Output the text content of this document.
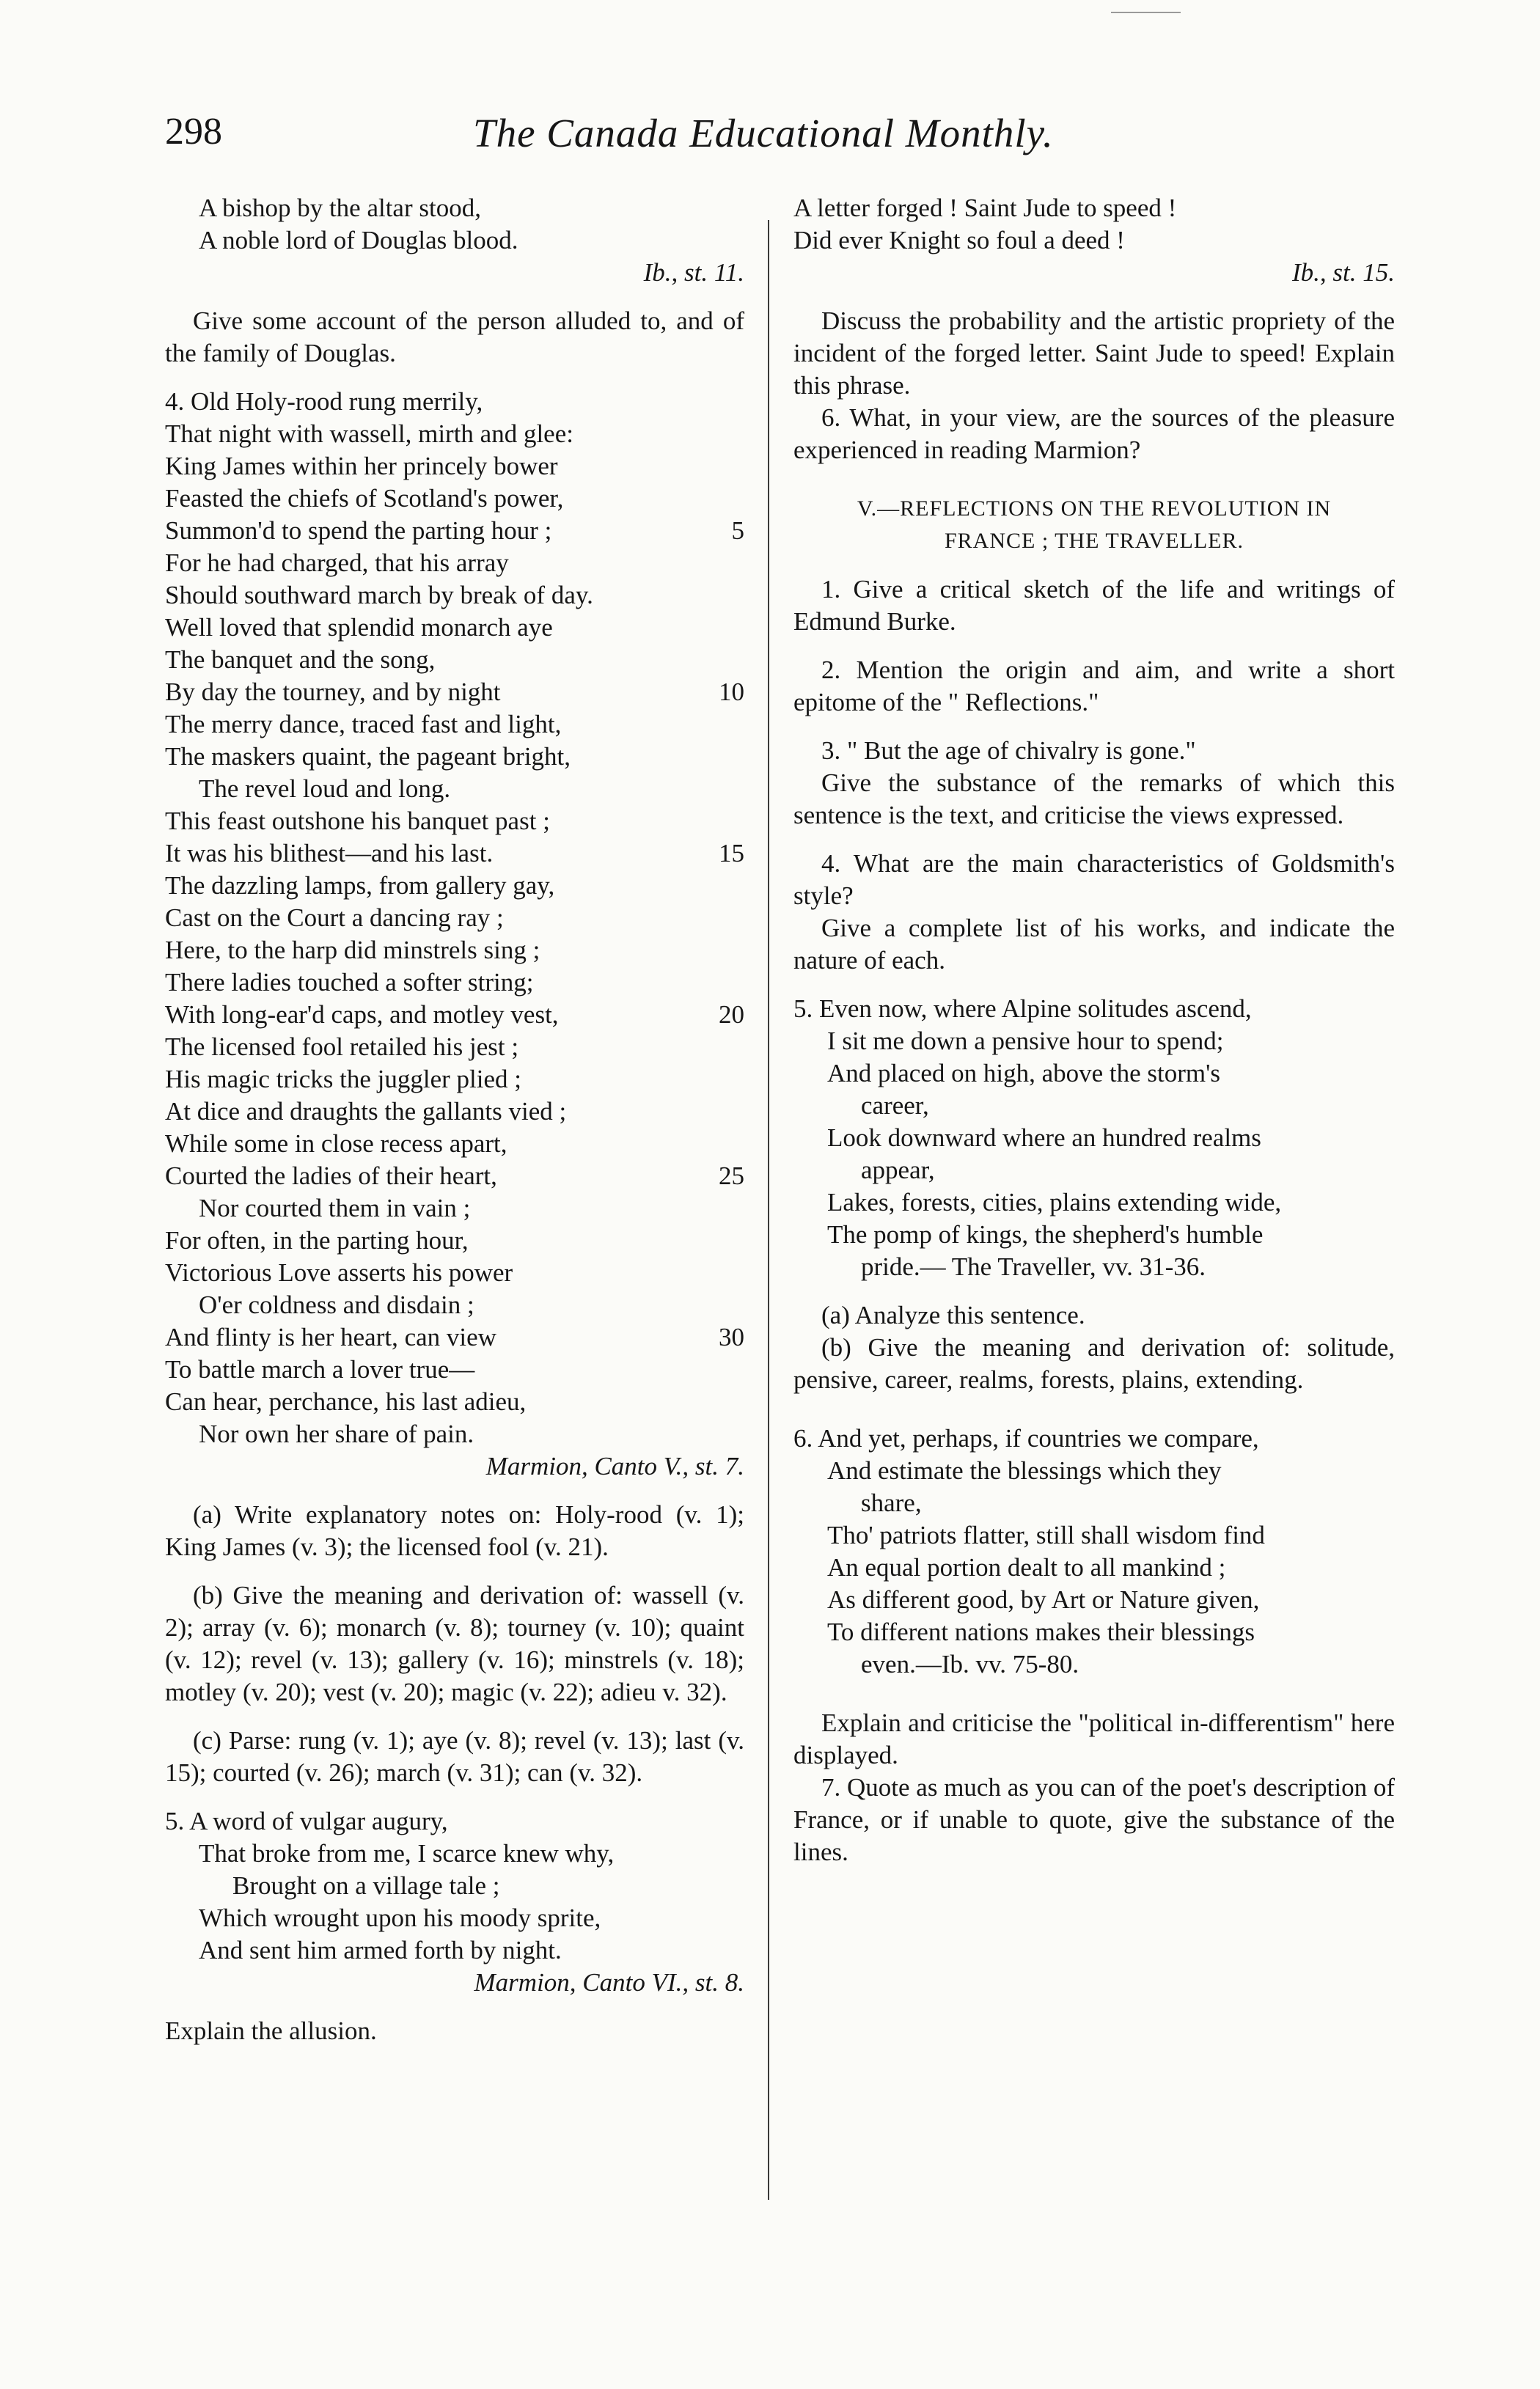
298	The Canada Educational Monthly.
A bishop by the altar stood,
A noble lord of Douglas blood.
Ib., st. 11.

Give some account of the person alluded to, and of the family of Douglas.

4. Old Holy-rood rung merrily,
That night with wassell, mirth and glee:
King James within her princely bower
Feasted the chiefs of Scotland's power,
Summon'd to spend the parting hour ;	5
For he had charged, that his array
Should southward march by break of day.
Well loved that splendid monarch aye
The banquet and the song,
By day the tourney, and by night	10
The merry dance, traced fast and light,
The maskers quaint, the pageant bright,
The revel loud and long.
This feast outshone his banquet past ;
It was his blithest—and his last.	15
The dazzling lamps, from gallery gay,
Cast on the Court a dancing ray ;
Here, to the harp did minstrels sing ;
There ladies touched a softer string;
With long-ear'd caps, and motley vest,	20
The licensed fool retailed his jest ;
His magic tricks the juggler plied ;
At dice and draughts the gallants vied ;
While some in close recess apart,
Courted the ladies of their heart,	25
Nor courted them in vain ;
For often, in the parting hour,
Victorious Love asserts his power
O'er coldness and disdain ;
And flinty is her heart, can view	30
To battle march a lover true—
Can hear, perchance, his last adieu,
Nor own her share of pain.
Marmion, Canto V., st. 7.

(a) Write explanatory notes on: Holy-rood (v. 1); King James (v. 3); the licensed fool (v. 21).

(b) Give the meaning and derivation of: wassell (v. 2); array (v. 6); monarch (v. 8); tourney (v. 10); quaint (v. 12); revel (v. 13); gallery (v. 16); minstrels (v. 18); motley (v. 20); vest (v. 20); magic (v. 22); adieu v. 32).

(c) Parse: rung (v. 1); aye (v. 8); revel (v. 13); last (v. 15); courted (v. 26); march (v. 31); can (v. 32).

5. A word of vulgar augury,
That broke from me, I scarce knew why,
Brought on a village tale ;
Which wrought upon his moody sprite,
And sent him armed forth by night.
Marmion, Canto VI., st. 8.

Explain the allusion.

A letter forged ! Saint Jude to speed !
Did ever Knight so foul a deed !
Ib., st. 15.

Discuss the probability and the artistic propriety of the incident of the forged letter. Saint Jude to speed! Explain this phrase.

6. What, in your view, are the sources of the pleasure experienced in reading Marmion?

V.—REFLECTIONS ON THE REVOLUTION IN
FRANCE ; THE TRAVELLER.

1. Give a critical sketch of the life and writings of Edmund Burke.

2. Mention the origin and aim, and write a short epitome of the " Reflections."

3. " But the age of chivalry is gone."

Give the substance of the remarks of which this sentence is the text, and criticise the views expressed.

4. What are the main characteristics of Goldsmith's style?

Give a complete list of his works, and indicate the nature of each.

5. Even now, where Alpine solitudes ascend,
I sit me down a pensive hour to spend;
And placed on high, above the storm's
career,
Look downward where an hundred realms
appear,
Lakes, forests, cities, plains extending wide,
The pomp of kings, the shepherd's humble
pride.— The Traveller, vv. 31-36.

(a) Analyze this sentence.

(b) Give the meaning and derivation of: solitude, pensive, career, realms, forests, plains, extending.

6. And yet, perhaps, if countries we compare,
And estimate the blessings which they
share,
Tho' patriots flatter, still shall wisdom find
An equal portion dealt to all mankind ;
As different good, by Art or Nature given,
To different nations makes their blessings
even.—Ib. vv. 75-80.

Explain and criticise the "political in-differentism" here displayed.

7. Quote as much as you can of the poet's description of France, or if unable to quote, give the substance of the lines.
